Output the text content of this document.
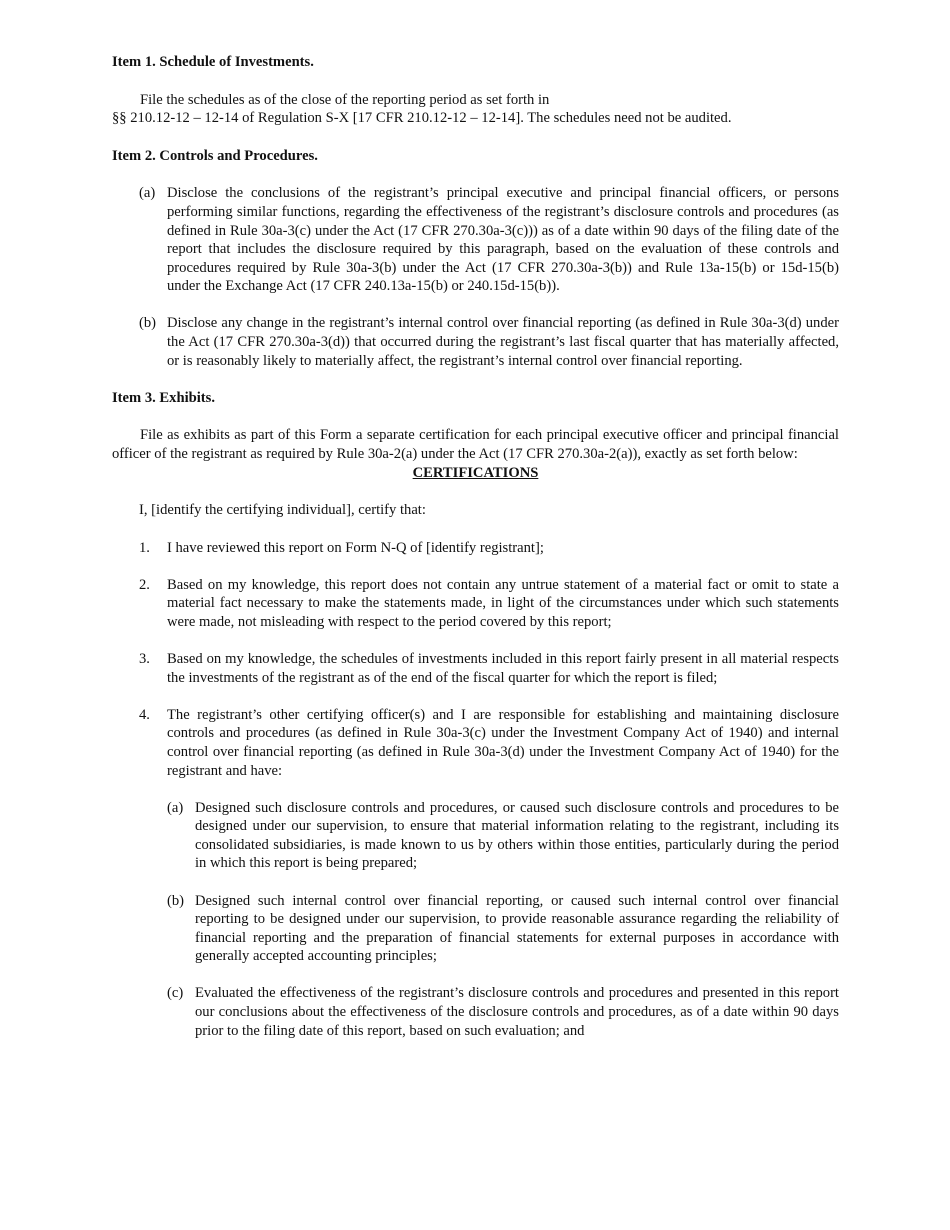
Item 1. Schedule of Investments.
File the schedules as of the close of the reporting period as set forth in
§§ 210.12-12 – 12-14 of Regulation S-X [17 CFR 210.12-12 – 12-14]. The schedules need not be audited.
Item 2. Controls and Procedures.
(a) Disclose the conclusions of the registrant’s principal executive and principal financial officers, or persons performing similar functions, regarding the effectiveness of the registrant’s disclosure controls and procedures (as defined in Rule 30a-3(c) under the Act (17 CFR 270.30a-3(c))) as of a date within 90 days of the filing date of the report that includes the disclosure required by this paragraph, based on the evaluation of these controls and procedures required by Rule 30a-3(b) under the Act (17 CFR 270.30a-3(b)) and Rule 13a-15(b) or 15d-15(b) under the Exchange Act (17 CFR 240.13a-15(b) or 240.15d-15(b)).
(b) Disclose any change in the registrant’s internal control over financial reporting (as defined in Rule 30a-3(d) under the Act (17 CFR 270.30a-3(d)) that occurred during the registrant’s last fiscal quarter that has materially affected, or is reasonably likely to materially affect, the registrant’s internal control over financial reporting.
Item 3. Exhibits.
File as exhibits as part of this Form a separate certification for each principal executive officer and principal financial officer of the registrant as required by Rule 30a-2(a) under the Act (17 CFR 270.30a-2(a)), exactly as set forth below:
CERTIFICATIONS
I, [identify the certifying individual], certify that:
1.	I have reviewed this report on Form N-Q of [identify registrant];
2.	Based on my knowledge, this report does not contain any untrue statement of a material fact or omit to state a material fact necessary to make the statements made, in light of the circumstances under which such statements were made, not misleading with respect to the period covered by this report;
3.	Based on my knowledge, the schedules of investments included in this report fairly present in all material respects the investments of the registrant as of the end of the fiscal quarter for which the report is filed;
4.	The registrant’s other certifying officer(s) and I are responsible for establishing and maintaining disclosure controls and procedures (as defined in Rule 30a-3(c) under the Investment Company Act of 1940) and internal control over financial reporting (as defined in Rule 30a-3(d) under the Investment Company Act of 1940) for the registrant and have:
(a) Designed such disclosure controls and procedures, or caused such disclosure controls and procedures to be designed under our supervision, to ensure that material information relating to the registrant, including its consolidated subsidiaries, is made known to us by others within those entities, particularly during the period in which this report is being prepared;
(b) Designed such internal control over financial reporting, or caused such internal control over financial reporting to be designed under our supervision, to provide reasonable assurance regarding the reliability of financial reporting and the preparation of financial statements for external purposes in accordance with generally accepted accounting principles;
(c) Evaluated the effectiveness of the registrant’s disclosure controls and procedures and presented in this report our conclusions about the effectiveness of the disclosure controls and procedures, as of a date within 90 days prior to the filing date of this report, based on such evaluation; and
